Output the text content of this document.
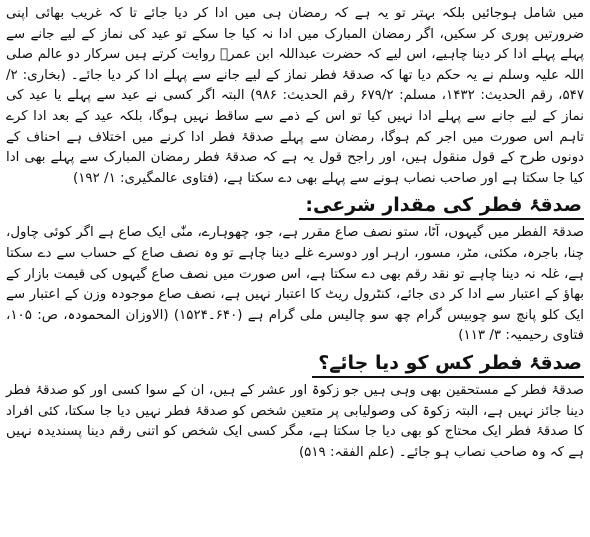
میں شامل ہوجائیں بلکہ بہتر تو یہ ہے کہ رمضان ہی میں ادا کر دیا جائے تا کہ غریب بھائی اپنی ضرورتیں پوری کر سکیں، اگر رمضان المبارک میں ادا نہ کیا جا سکے تو عید کی نماز کے لیے جانے سے پہلے پہلے ادا کر دینا چاہیے، اس لیے کہ حضرت عبداللہ ابن عمرؓ روایت کرتے ہیں سرکار دو عالم صلی اللہ علیہ وسلم نے یہ حکم دیا تھا کہ صدقۂ فطر نماز کے لیے جانے سے پہلے ادا کر دیا جائے۔ (بخاری: ۲/ ۵۴۷، رقم الحدیث: ۱۴۳۲، مسلم: ۶۷۹/۲ رقم الحدیث: ۹۸۶) البتہ اگر کسی نے عید سے پہلے یا عید کی نماز کے لیے جانے سے پہلے ادا نہیں کیا تو اس کے ذمے سے ساقط نہیں ہوگا، بلکہ عید کے بعد ادا کرے تاہم اس صورت میں اجر کم ہوگا، رمضان سے پہلے صدقۂ فطر ادا کرنے میں اختلاف ہے احناف کے دونوں طرح کے قول منقول ہیں، اور راجح قول یہ ہے کہ صدقۂ فطر رمضان المبارک سے پہلے بھی ادا کیا جا سکتا ہے اور صاحب نصاب ہونے سے پہلے بھی دے سکتا ہے، (فتاوی عالمگیری: ۱/ ۱۹۲)

صدقۂ فطر کی مقدار شرعی:

صدقۃ الفطر میں گیہوں، آٹا، ستو نصف صاع مقرر ہے، جو، چھوہارے، منّٰی ایک صاع ہے اگر کوئی چاول، چنا، باجرہ، مکئی، مٹر، مسور، ارہر اور دوسرے غلے دینا چاہے تو وہ نصف صاع کے حساب سے دے سکتا ہے، غلہ نہ دینا چاہے تو نقد رقم بھی دے سکتا ہے، اس صورت میں نصف صاع گیہوں کی قیمت بازار کے بھاؤ کے اعتبار سے ادا کر دی جائے، کنٹرول ریٹ کا اعتبار نہیں ہے، نصف صاع موجودہ وزن کے اعتبار سے ایک کلو پانچ سو چوبیس گرام چھ سو چالیس ملی گرام ہے (۶۴۰۔۱۵۲۴) (الاوزان المحمودہ، ص: ۱۰۵، فتاوی رحیمیہ: ۳/ ۱۱۳)

صدقۂ فطر کس کو دیا جائے؟

صدقۂ فطر کے مستحقین بھی وہی ہیں جو زکوۃ اور عشر کے ہیں، ان کے سوا کسی اور کو صدقۂ فطر دینا جائز نہیں ہے، البتہ زکوۃ کی وصولیابی پر متعین شخص کو صدقۂ فطر نہیں دیا جا سکتا، کئی افراد کا صدقۂ فطر ایک محتاج کو بھی دیا جا سکتا ہے، مگر کسی ایک شخص کو اتنی رقم دینا پسندیدہ نہیں ہے کہ وہ صاحب نصاب ہو جائے۔ (علم الفقہ: ۵۱۹)
